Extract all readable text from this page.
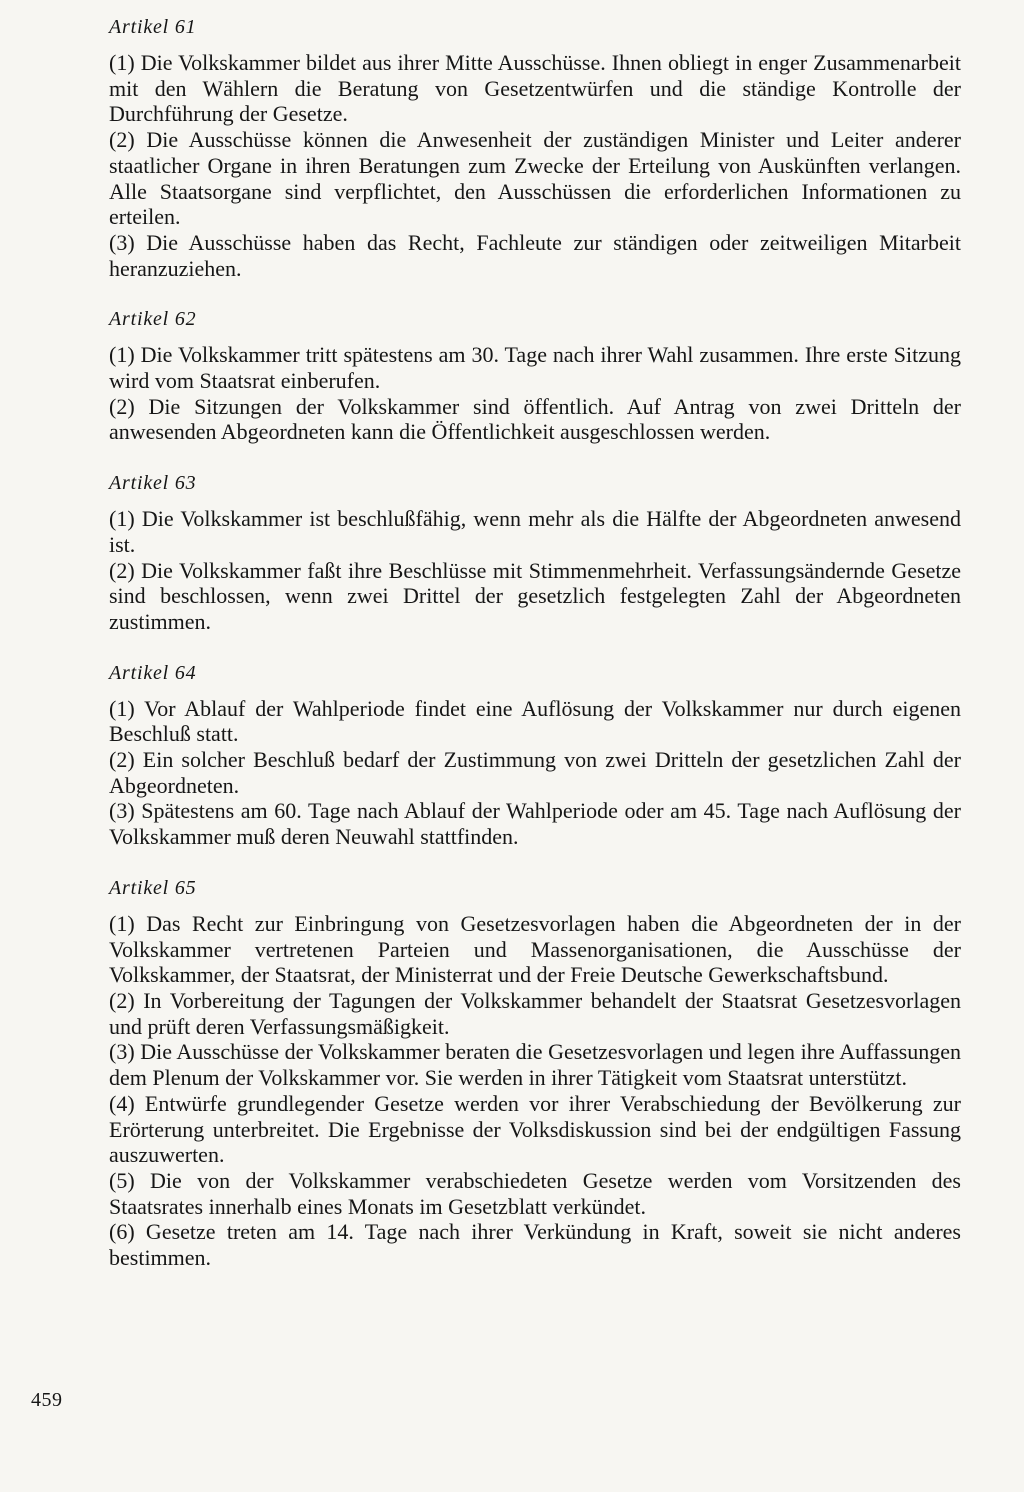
Artikel 61

(1) Die Volkskammer bildet aus ihrer Mitte Ausschüsse. Ihnen obliegt in enger Zusammenarbeit mit den Wählern die Beratung von Gesetzentwürfen und die ständige Kontrolle der Durchführung der Gesetze.

(2) Die Ausschüsse können die Anwesenheit der zuständigen Minister und Leiter anderer staatlicher Organe in ihren Beratungen zum Zwecke der Erteilung von Auskünften verlangen. Alle Staatsorgane sind verpflichtet, den Ausschüssen die erforderlichen Informationen zu erteilen.

(3) Die Ausschüsse haben das Recht, Fachleute zur ständigen oder zeitweiligen Mitarbeit heranzuziehen.

Artikel 62

(1) Die Volkskammer tritt spätestens am 30. Tage nach ihrer Wahl zusammen. Ihre erste Sitzung wird vom Staatsrat einberufen.

(2) Die Sitzungen der Volkskammer sind öffentlich. Auf Antrag von zwei Dritteln der anwesenden Abgeordneten kann die Öffentlichkeit ausgeschlossen werden.

Artikel 63

(1) Die Volkskammer ist beschlußfähig, wenn mehr als die Hälfte der Abgeordneten anwesend ist.

(2) Die Volkskammer faßt ihre Beschlüsse mit Stimmenmehrheit. Verfassungsändernde Gesetze sind beschlossen, wenn zwei Drittel der gesetzlich festgelegten Zahl der Abgeordneten zustimmen.

Artikel 64

(1) Vor Ablauf der Wahlperiode findet eine Auflösung der Volkskammer nur durch eigenen Beschluß statt.

(2) Ein solcher Beschluß bedarf der Zustimmung von zwei Dritteln der gesetzlichen Zahl der Abgeordneten.

(3) Spätestens am 60. Tage nach Ablauf der Wahlperiode oder am 45. Tage nach Auflösung der Volkskammer muß deren Neuwahl stattfinden.

Artikel 65

(1) Das Recht zur Einbringung von Gesetzesvorlagen haben die Abgeordneten der in der Volkskammer vertretenen Parteien und Massenorganisationen, die Ausschüsse der Volkskammer, der Staatsrat, der Ministerrat und der Freie Deutsche Gewerkschaftsbund.

(2) In Vorbereitung der Tagungen der Volkskammer behandelt der Staatsrat Gesetzesvorlagen und prüft deren Verfassungsmäßigkeit.

(3) Die Ausschüsse der Volkskammer beraten die Gesetzesvorlagen und legen ihre Auffassungen dem Plenum der Volkskammer vor. Sie werden in ihrer Tätigkeit vom Staatsrat unterstützt.

(4) Entwürfe grundlegender Gesetze werden vor ihrer Verabschiedung der Bevölkerung zur Erörterung unterbreitet. Die Ergebnisse der Volksdiskussion sind bei der endgültigen Fassung auszuwerten.

(5) Die von der Volkskammer verabschiedeten Gesetze werden vom Vorsitzenden des Staatsrates innerhalb eines Monats im Gesetzblatt verkündet.

(6) Gesetze treten am 14. Tage nach ihrer Verkündung in Kraft, soweit sie nicht anderes bestimmen.

459
